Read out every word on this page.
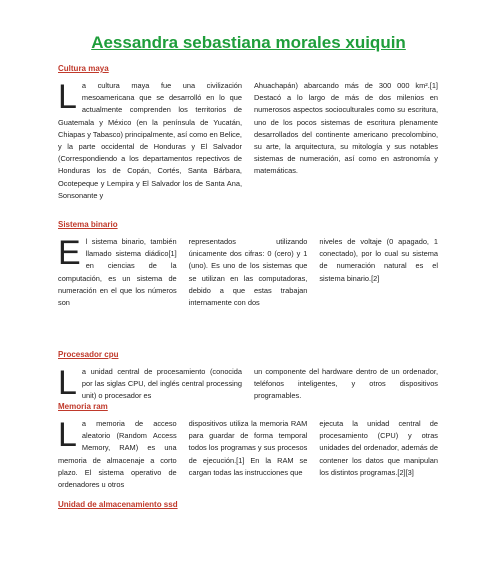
Aessandra sebastiana morales xuiquin
Cultura maya
La cultura maya fue una civilización mesoamericana que se desarrolló en lo que actualmente comprenden los territorios de Guatemala y México (en la península de Yucatán, Chiapas y Tabasco) principalmente, así como en Belice, y la parte occidental de Honduras y El Salvador (Correspondiendo a los departamentos repectivos de Honduras los de Copán, Cortés, Santa Bárbara, Ocotepeque y Lempira y El Salvador los de Santa Ana, Sonsonante y
Ahuachapán) abarcando más de 300 000 km².[1] Destacó a lo largo de más de dos milenios en numerosos aspectos socioculturales como su escritura, uno de los pocos sistemas de escritura plenamente desarrollados del continente americano precolombino, su arte, la arquitectura, su mitología y sus notables sistemas de numeración, así como en astronomía y matemáticas.
Sistema binario
El sistema binario, también llamado sistema diádico[1] en ciencias de la computación, es un sistema de numeración en el que los números son
representados utilizando únicamente dos cifras: 0 (cero) y 1 (uno). Es uno de los sistemas que se utilizan en las computadoras, debido a que estas trabajan internamente con dos
niveles de voltaje (0 apagado, 1 conectado), por lo cual su sistema de numeración natural es el sistema binario.[2]
Procesador cpu
La unidad central de procesamiento (conocida por las siglas CPU, del inglés central processing unit) o procesador es
un componente del hardware dentro de un ordenador, teléfonos inteligentes, y otros dispositivos programables.
Memoria ram
La memoria de acceso aleatorio (Random Access Memory, RAM) es una memoria de almacenaje a corto plazo. El sistema operativo de ordenadores u otros
dispositivos utiliza la memoria RAM para guardar de forma temporal todos los programas y sus procesos de ejecución.[1] En la RAM se cargan todas las instrucciones que
ejecuta la unidad central de procesamiento (CPU) y otras unidades del ordenador, además de contener los datos que manipulan los distintos programas.[2][3]
Unidad de almacenamiento ssd
